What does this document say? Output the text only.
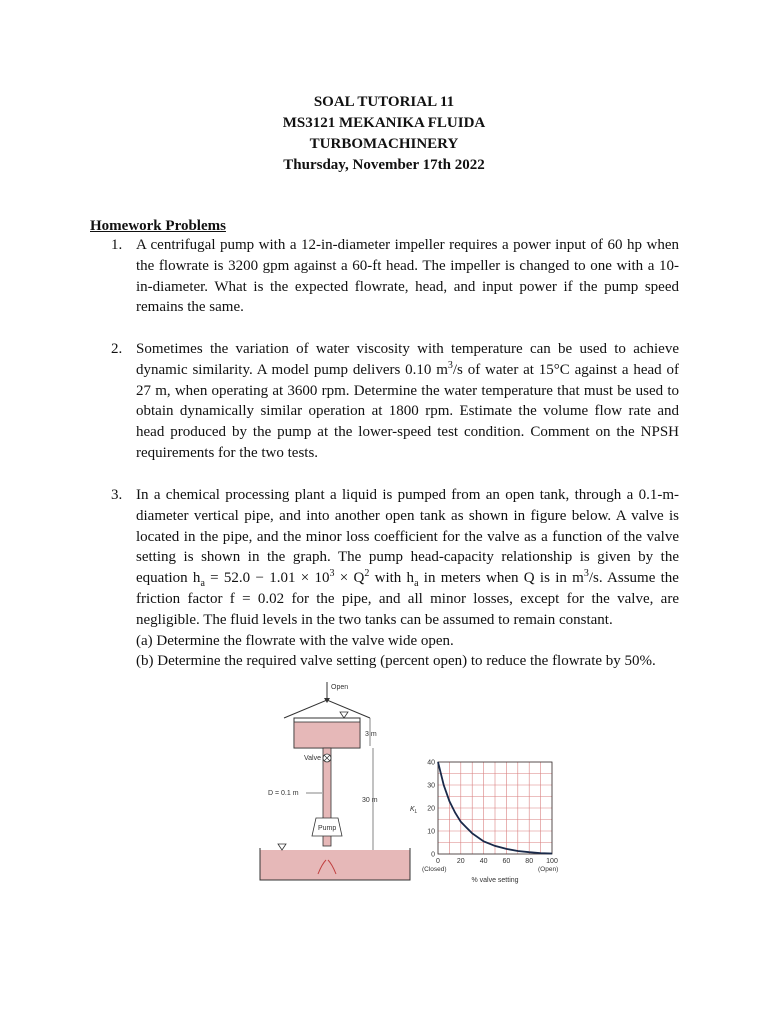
SOAL TUTORIAL 11
MS3121 MEKANIKA FLUIDA
TURBOMACHINERY
Thursday, November 17th 2022
Homework Problems
1. A centrifugal pump with a 12-in-diameter impeller requires a power input of 60 hp when the flowrate is 3200 gpm against a 60-ft head. The impeller is changed to one with a 10-in-diameter. What is the expected flowrate, head, and input power if the pump speed remains the same.

2. Sometimes the variation of water viscosity with temperature can be used to achieve dynamic similarity. A model pump delivers 0.10 $m^3/s$ of water at 15°C against a head of 27 m, when operating at 3600 rpm. Determine the water temperature that must be used to obtain dynamically similar operation at 1800 rpm. Estimate the volume flow rate and head produced by the pump at the lower-speed test condition. Comment on the NPSH requirements for the two tests.

3. In a chemical processing plant a liquid is pumped from an open tank, through a 0.1-m-diameter vertical pipe, and into another open tank as shown in figure below. A valve is located in the pipe, and the minor loss coefficient for the valve as a function of the valve setting is shown in the graph. The pump head-capacity relationship is given by the equation $h_a = 52.0 - 1.01 \times 10^3 \times Q^2$ with $h_a$ in meters when Q is in $m^3/s$. Assume the friction factor f = 0.02 for the pipe, and all minor losses, except for the valve, are negligible. The fluid levels in the two tanks can be assumed to remain constant.

(a) Determine the flowrate with the valve wide open.

(b) Determine the required valve setting (percent open) to reduce the flowrate by 50%.

Open
3 m
Valve
30 m
D = 0.1 m
Pump
0 20 40 60 80 100
0
10
20
30
40
(Closed)	(Open)
% valve setting
$K_L$
